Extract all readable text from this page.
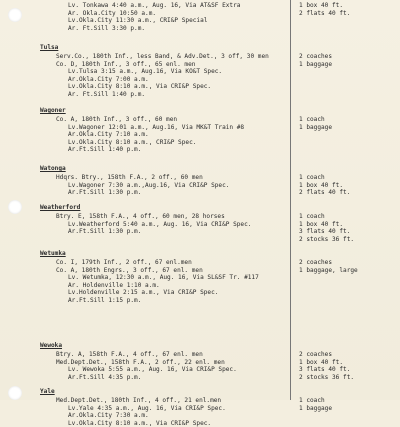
Lv. Tonkawa 4:40 a.m., Aug. 16, Via AT&SF Extra	1 box 40 ft.
Ar. Okla.City 10:50 a.m.	2 flats 40 ft.
Lv.Okla.City 11:30 a.m., CRI&P Special
Ar. Ft.Sill 3:30 p.m.
Tulsa
Serv.Co., 180th Inf., less Band, & Adv.Det., 3 off, 30 men	2 coaches
Co. D, 180th Inf., 3 off., 65 enl. men	1 baggage
Lv.Tulsa 3:15 a.m., Aug.16, Via KO&T Spec.
Ar.Okla.City 7:00 a.m.
Lv.Okla.City 8:10 a.m., Via CRI&P Spec.
Ar. Ft.Sill 1:40 p.m.
Wagoner
Co. A, 180th Inf., 3 off., 60 men	1 coach
Lv.Wagoner 12:01 a.m., Aug.16, Via MK&T Train #8	1 baggage
Ar.Okla.City 7:10 a.m.
Lv.Okla.City 8:10 a.m., CRI&P Spec.
Ar.Ft.Sill 1:40 p.m.
Watonga
Hdqrs. Btry., 158th F.A., 2 off., 60 men	1 coach
Lv.Wagoner 7:30 a.m.,Aug.16, Via CRI&P Spec.	1 box 40 ft.
Ar.Ft.Sill 1:30 p.m.	2 flats 40 ft.
Weatherford
Btry. E, 158th F.A., 4 off., 60 men, 28 horses	1 coach
Lv.Weatherford 5:40 a.m., Aug. 16, Via CRI&P Spec.	1 box 40 ft.
Ar.Ft.Sill 1:30 p.m.	3 flats 40 ft.
2 stocks 36 ft.
Wetumka
Co. I, 179th Inf., 2 off., 67 enl.men	2 coaches
Co. A, 180th Engrs., 3 off., 67 enl. men	1 baggage, large
Lv. Wetumka, 12:30 a.m., Aug. 16, Via SL&SF Tr. #117
Ar. Holdenville 1:10 a.m.
Lv.Holdenville 2:15 a.m., Via CRI&P Spec.
Ar.Ft.Sill 1:15 p.m.
Wewoka
Btry. A, 158th F.A., 4 off., 67 enl. men	2 coaches
Med.Dept.Det., 158th F.A., 2 off., 22 enl. men	1 box 40 ft.
Lv. Wewoka 5:55 a.m., Aug. 16, Via CRI&P Spec.	3 flats 40 ft.
Ar.Ft.Sill 4:35 p.m.	2 stocks 36 ft.
Yale
Med.Dept.Det., 180th Inf., 4 off., 21 enl.men	1 coach
Lv.Yale 4:35 a.m., Aug. 16, Via CRI&P Spec.	1 baggage
Ar.Okla.City 7:30 a.m.
Lv.Okla.City 8:10 a.m., Via CRI&P Spec.
